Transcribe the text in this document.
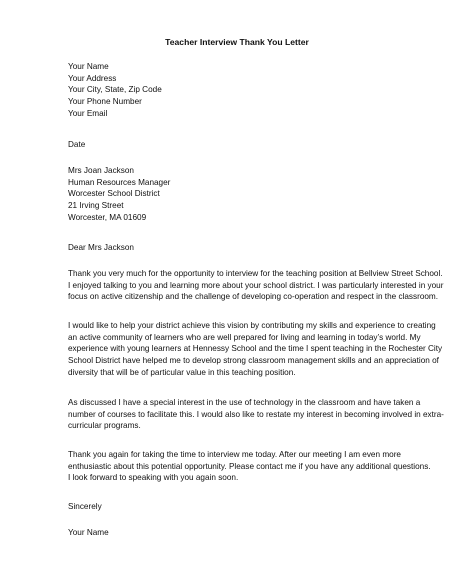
Teacher Interview Thank You Letter
Your Name
Your Address
Your City, State, Zip Code
Your Phone Number
Your Email
Date
Mrs Joan Jackson
Human Resources Manager
Worcester School District
21 Irving Street
Worcester, MA 01609
Dear Mrs Jackson
Thank you very much for the opportunity to interview for the teaching position at Bellview Street School.
I enjoyed talking to you and learning more about your school district. I was particularly interested in your
focus on active citizenship and the challenge of developing co-operation and respect in the classroom.
I would like to help your district achieve this vision by contributing my skills and experience to creating
an active community of learners who are well prepared for living and learning in today’s world. My
experience with young learners at Hennessy School and the time I spent teaching in the Rochester City
School District have helped me to develop strong classroom management skills and an appreciation of
diversity that will be of particular value in this teaching position.
As discussed I have a special interest in the use of technology in the classroom and have taken a
number of courses to facilitate this. I would also like to restate my interest in becoming involved in extra-
curricular programs.
Thank you again for taking the time to interview me today. After our meeting I am even more
enthusiastic about this potential opportunity. Please contact me if you have any additional questions.
I look forward to speaking with you again soon.
Sincerely
Your Name
